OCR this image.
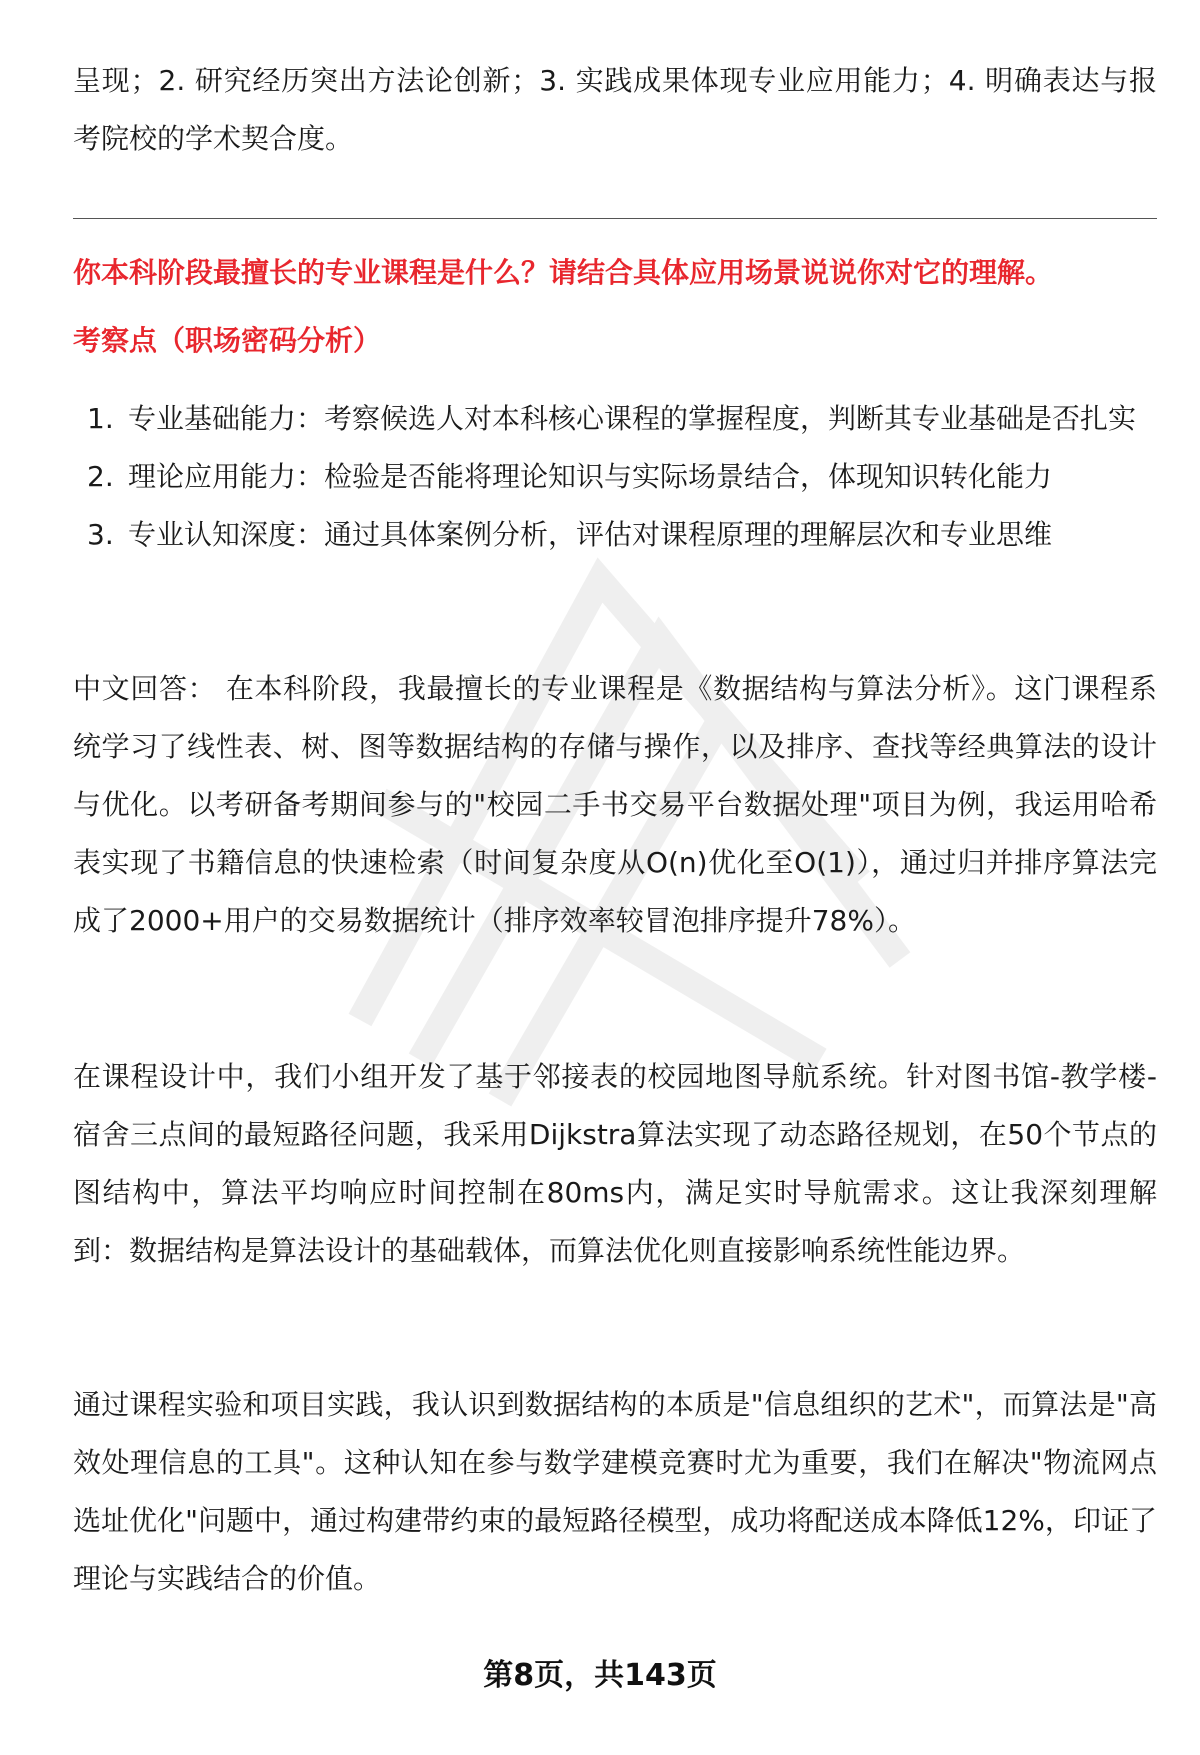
呈现；2. 研究经历突出方法论创新；3. 实践成果体现专业应用能力；4. 明确表达与报考院校的学术契合度。

你本科阶段最擅长的专业课程是什么？请结合具体应用场景说说你对它的理解。

考察点（职场密码分析）

1. 专业基础能力：考察候选人对本科核心课程的掌握程度，判断其专业基础是否扎实
2. 理论应用能力：检验是否能将理论知识与实际场景结合，体现知识转化能力
3. 专业认知深度：通过具体案例分析，评估对课程原理的理解层次和专业思维

中文回答： 在本科阶段，我最擅长的专业课程是《数据结构与算法分析》。这门课程系统学习了线性表、树、图等数据结构的存储与操作，以及排序、查找等经典算法的设计与优化。以考研备考期间参与的"校园二手书交易平台数据处理"项目为例，我运用哈希表实现了书籍信息的快速检索（时间复杂度从O(n)优化至O(1)），通过归并排序算法完成了2000+用户的交易数据统计（排序效率较冒泡排序提升78%）。

在课程设计中，我们小组开发了基于邻接表的校园地图导航系统。针对图书馆-教学楼-宿舍三点间的最短路径问题，我采用Dijkstra算法实现了动态路径规划，在50个节点的图结构中，算法平均响应时间控制在80ms内，满足实时导航需求。这让我深刻理解到：数据结构是算法设计的基础载体，而算法优化则直接影响系统性能边界。

通过课程实验和项目实践，我认识到数据结构的本质是"信息组织的艺术"，而算法是"高效处理信息的工具"。这种认知在参与数学建模竞赛时尤为重要，我们在解决"物流网点选址优化"问题中，通过构建带约束的最短路径模型，成功将配送成本降低12%，印证了理论与实践结合的价值。

第8页，共143页
